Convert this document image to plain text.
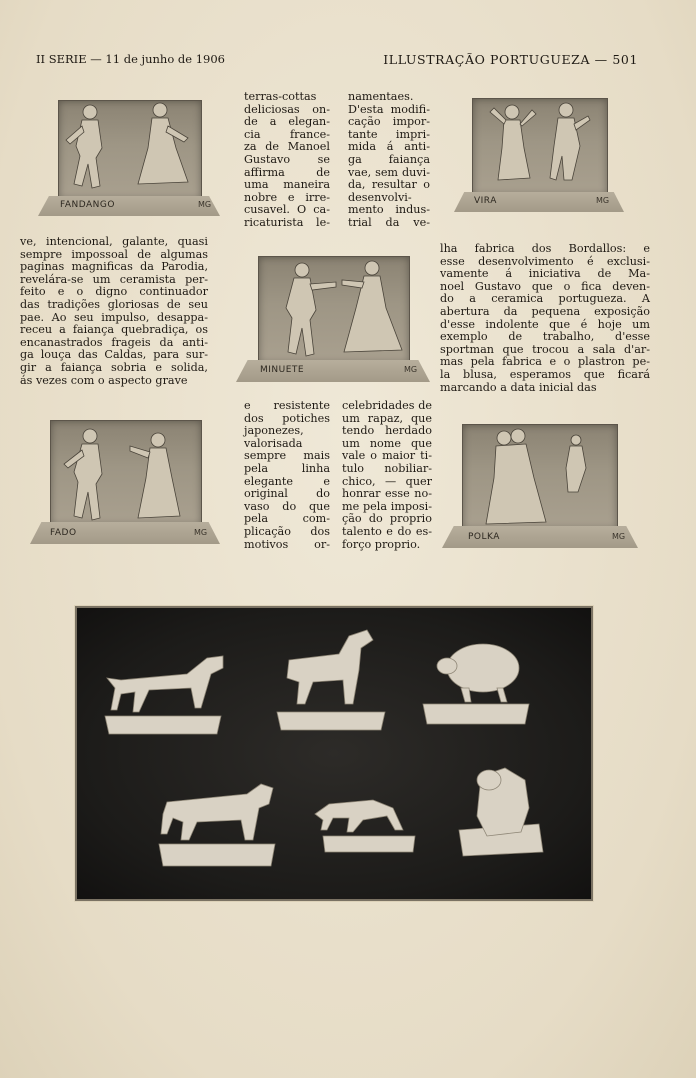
II SERIE — 11 de junho de 1906	ILLUSTRAÇÃO PORTUGUEZA — 501
FANDANGO	MG	VIRA	MG
MINUETE	MG
FADO	MG	POLKA	MG

ve, intencional, galante, quasi

sempre impossoal de algumas

paginas magnificas da Parodia,

revelára-se um ceramista per-

feito e o digno continuador

das tradições gloriosas de seu

pae. Ao seu impulso, desappa-

receu a faiança quebradiça, os

encanastrados frageis da anti-

ga louça das Caldas, para sur-

gir a faiança sobria e solida,

ás vezes com o aspecto grave

terras-cottas

deliciosas on-

de a elegan-

cia france-

za de Manoel

Gustavo se

affirma de

uma maneira

nobre e irre-

cusavel. O ca-

ricaturista le-

namentaes.

D'esta modifi-

cação impor-

tante impri-

mida á anti-

ga faiança

vae, sem duvi-

da, resultar o

desenvolvi-

mento indus-

trial da ve-

lha fabrica dos Bordallos: e

esse desenvolvimento é exclusi-

vamente á iniciativa de Ma-

noel Gustavo que o fica deven-

do a ceramica portugueza. A

abertura da pequena exposição

d'esse indolente que é hoje um

exemplo de trabalho, d'esse

sportman que trocou a sala d'ar-

mas pela fabrica e o plastron pe-

la blusa, esperamos que ficará

marcando a data inicial das

e resistente

dos potiches

japonezes,

valorisada

sempre mais

pela linha

elegante e

original do

vaso do que

pela com-

plicação dos

motivos or-

celebridades de

um rapaz, que

tendo herdado

um nome que

vale o maior ti-

tulo nobiliar-

chico, — quer

honrar esse no-

me pela imposi-

ção do proprio

talento e do es-

forço proprio.
